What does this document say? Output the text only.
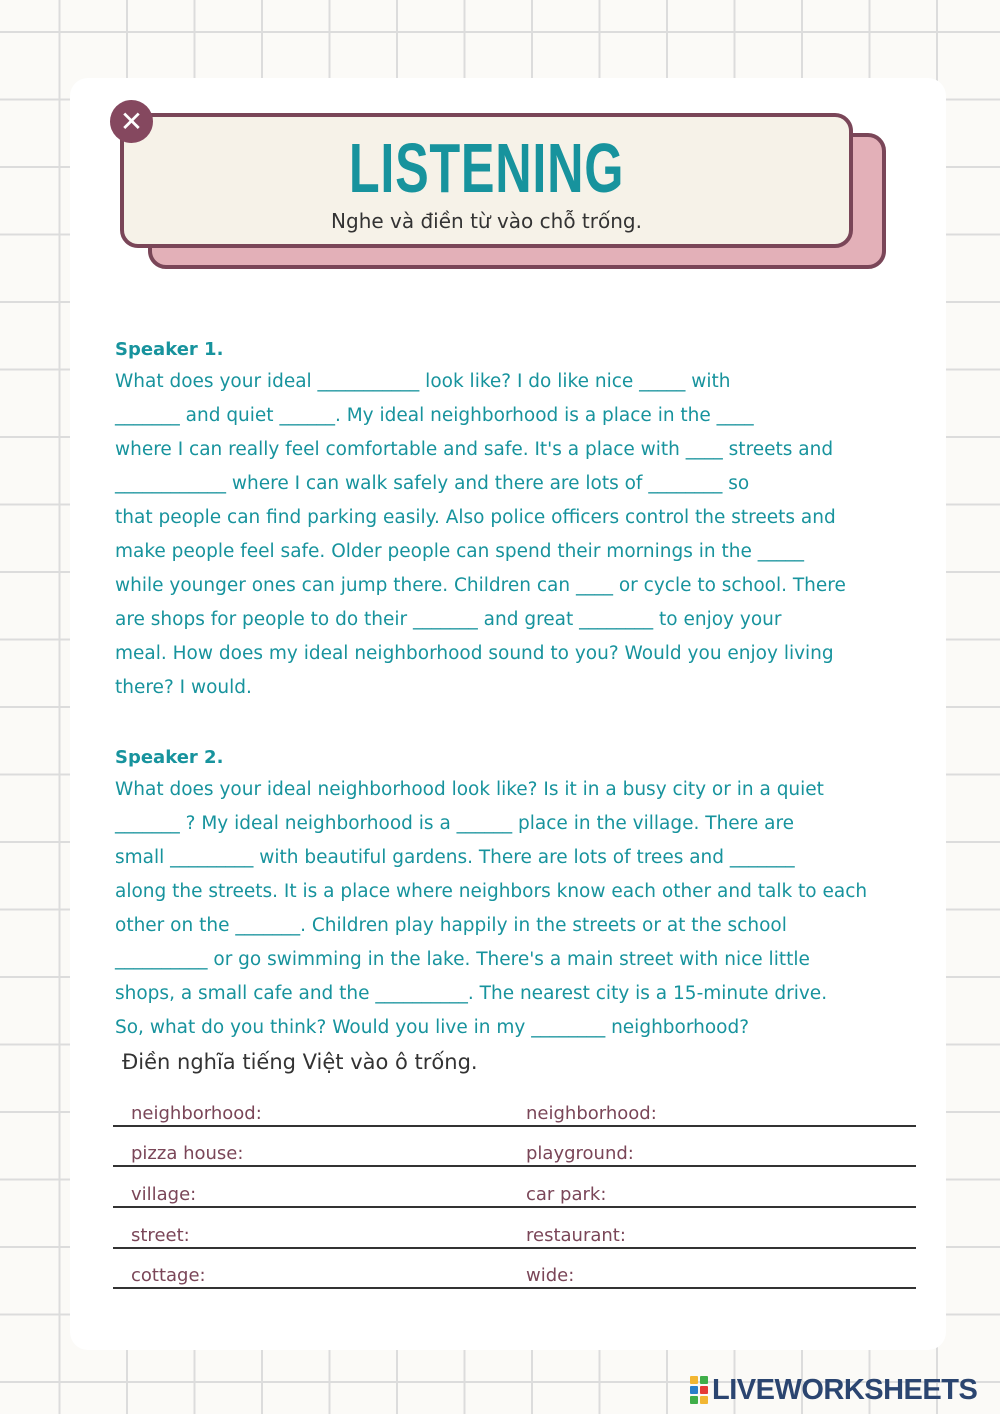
LISTENING
Nghe và điền từ vào chỗ trống.
✕
Speaker 1.
What does your ideal ___________ look like? I do like nice _____ with
_______ and quiet ______. My ideal neighborhood is a place in the ____
where I can really feel comfortable and safe. It's a place with ____ streets and
____________ where I can walk safely and there are lots of ________ so
that people can find parking easily. Also police officers control the streets and
make people feel safe. Older people can spend their mornings in the _____
while younger ones can jump there. Children can ____ or cycle to school. There
are shops for people to do their _______ and great ________ to enjoy your
meal. How does my ideal neighborhood sound to you? Would you enjoy living
there? I would.
Speaker 2.
What does your ideal neighborhood look like? Is it in a busy city or in a quiet
_______ ? My ideal neighborhood is a ______ place in the village. There are
small _________ with beautiful gardens. There are lots of trees and _______
along the streets. It is a place where neighbors know each other and talk to each
other on the _______. Children play happily in the streets or at the school
__________ or go swimming in the lake. There's a main street with nice little
shops, a small cafe and the __________. The nearest city is a 15-minute drive.
So, what do you think? Would you live in my ________ neighborhood?
Điền nghĩa tiếng Việt vào ô trống.
neighborhood:	neighborhood:
pizza house:	playground:
village:	car park:
street:	restaurant:
cottage:	wide:
LIVEWORKSHEETS
